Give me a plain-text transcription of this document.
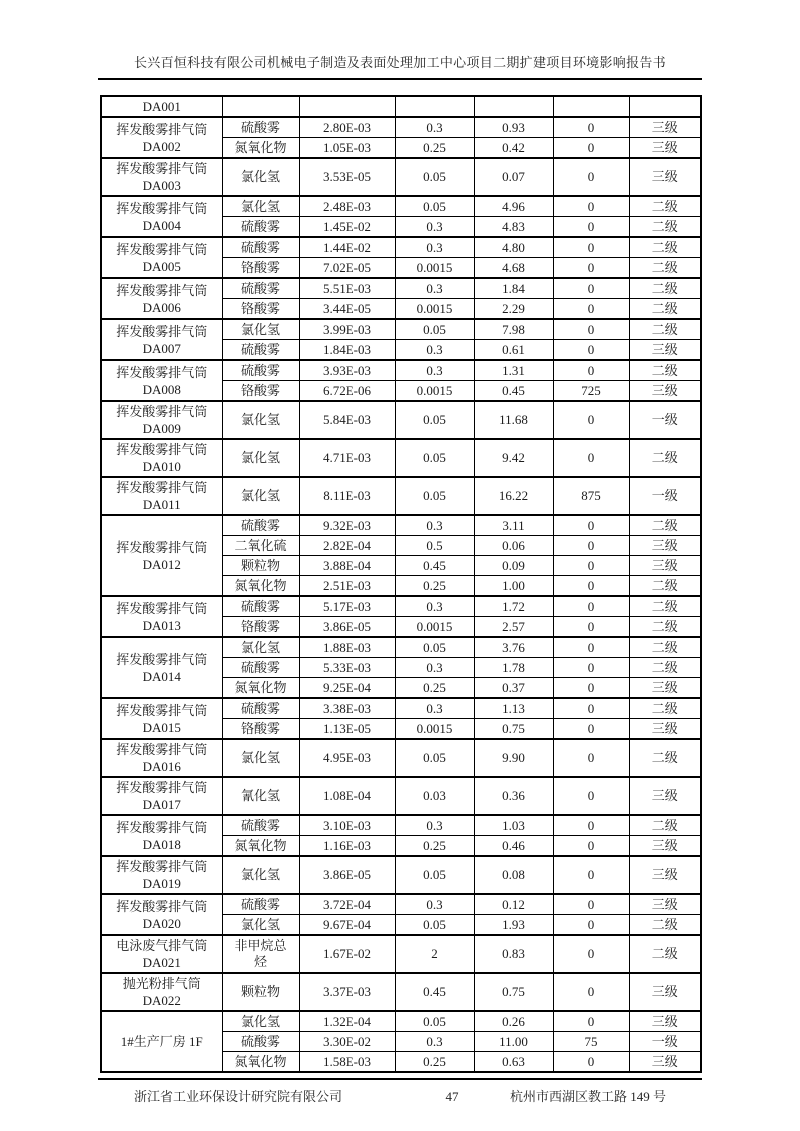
长兴百恒科技有限公司机械电子制造及表面处理加工中心项目二期扩建项目环境影响报告书
DA001						

挥发酸雾排气筒
DA002	硫酸雾	2.80E-03	0.3	0.93	0	三级
	氮氧化物	1.05E-03	0.25	0.42	0	三级

挥发酸雾排气筒
DA003	氯化氢	3.53E-05	0.05	0.07	0	三级

挥发酸雾排气筒
DA004	氯化氢	2.48E-03	0.05	4.96	0	二级
	硫酸雾	1.45E-02	0.3	4.83	0	二级

挥发酸雾排气筒
DA005	硫酸雾	1.44E-02	0.3	4.80	0	二级
	铬酸雾	7.02E-05	0.0015	4.68	0	二级

挥发酸雾排气筒
DA006	硫酸雾	5.51E-03	0.3	1.84	0	二级
	铬酸雾	3.44E-05	0.0015	2.29	0	二级

挥发酸雾排气筒
DA007	氯化氢	3.99E-03	0.05	7.98	0	二级
	硫酸雾	1.84E-03	0.3	0.61	0	三级

挥发酸雾排气筒
DA008	硫酸雾	3.93E-03	0.3	1.31	0	二级
	铬酸雾	6.72E-06	0.0015	0.45	725	三级

挥发酸雾排气筒
DA009	氯化氢	5.84E-03	0.05	11.68	0	一级

挥发酸雾排气筒
DA010	氯化氢	4.71E-03	0.05	9.42	0	二级

挥发酸雾排气筒
DA011	氯化氢	8.11E-03	0.05	16.22	875	一级

挥发酸雾排气筒
DA012	硫酸雾	9.32E-03	0.3	3.11	0	二级
	二氧化硫	2.82E-04	0.5	0.06	0	三级
	颗粒物	3.88E-04	0.45	0.09	0	三级
	氮氧化物	2.51E-03	0.25	1.00	0	二级

挥发酸雾排气筒
DA013	硫酸雾	5.17E-03	0.3	1.72	0	二级
	铬酸雾	3.86E-05	0.0015	2.57	0	二级

挥发酸雾排气筒
DA014	氯化氢	1.88E-03	0.05	3.76	0	二级
	硫酸雾	5.33E-03	0.3	1.78	0	二级
	氮氧化物	9.25E-04	0.25	0.37	0	三级

挥发酸雾排气筒
DA015	硫酸雾	3.38E-03	0.3	1.13	0	二级
	铬酸雾	1.13E-05	0.0015	0.75	0	三级

挥发酸雾排气筒
DA016	氯化氢	4.95E-03	0.05	9.90	0	二级

挥发酸雾排气筒
DA017	氰化氢	1.08E-04	0.03	0.36	0	三级

挥发酸雾排气筒
DA018	硫酸雾	3.10E-03	0.3	1.03	0	二级
	氮氧化物	1.16E-03	0.25	0.46	0	三级

挥发酸雾排气筒
DA019	氯化氢	3.86E-05	0.05	0.08	0	三级

挥发酸雾排气筒
DA020	硫酸雾	3.72E-04	0.3	0.12	0	三级
	氯化氢	9.67E-04	0.05	1.93	0	二级

电泳废气排气筒
DA021	非甲烷总烃	1.67E-02	2	0.83	0	二级

抛光粉排气筒
DA022	颗粒物	3.37E-03	0.45	0.75	0	三级

1#生产厂房 1F	氯化氢	1.32E-04	0.05	0.26	0	三级
	硫酸雾	3.30E-02	0.3	11.00	75	一级
	氮氧化物	1.58E-03	0.25	0.63	0	三级
浙江省工业环保设计研究院有限公司	47	杭州市西湖区教工路 149 号
